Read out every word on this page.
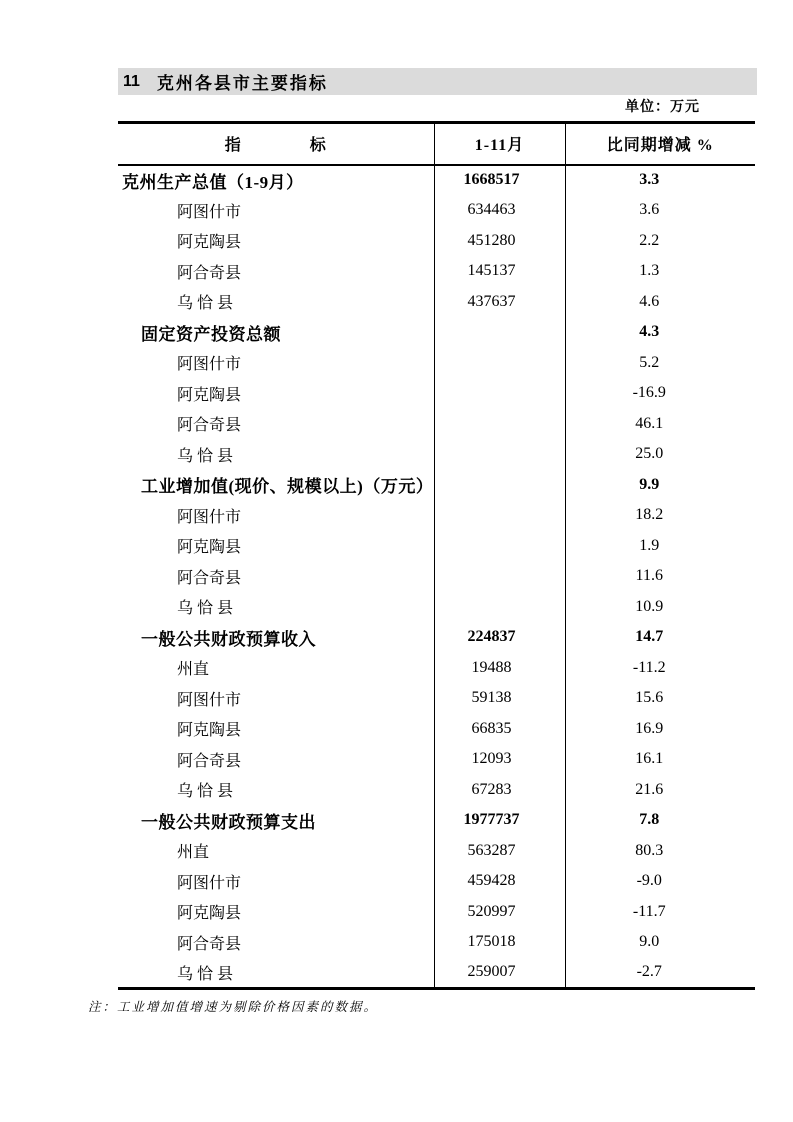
11 克州各县市主要指标
单位：万元
指　　　　标	1-11月	比同期增减 %
克州生产总值（1-9月）	1668517	3.3
阿图什市	634463	3.6
阿克陶县	451280	2.2
阿合奇县	145137	1.3
乌 恰 县	437637	4.6
固定资产投资总额		4.3
阿图什市		5.2
阿克陶县		-16.9
阿合奇县		46.1
乌 恰 县		25.0
工业增加值(现价、规模以上)（万元）		9.9
阿图什市		18.2
阿克陶县		1.9
阿合奇县		11.6
乌 恰 县		10.9
一般公共财政预算收入	224837	14.7
州直	19488	-11.2
阿图什市	59138	15.6
阿克陶县	66835	16.9
阿合奇县	12093	16.1
乌 恰 县	67283	21.6
一般公共财政预算支出	1977737	7.8
州直	563287	80.3
阿图什市	459428	-9.0
阿克陶县	520997	-11.7
阿合奇县	175018	9.0
乌 恰 县	259007	-2.7
注：工业增加值增速为剔除价格因素的数据。
